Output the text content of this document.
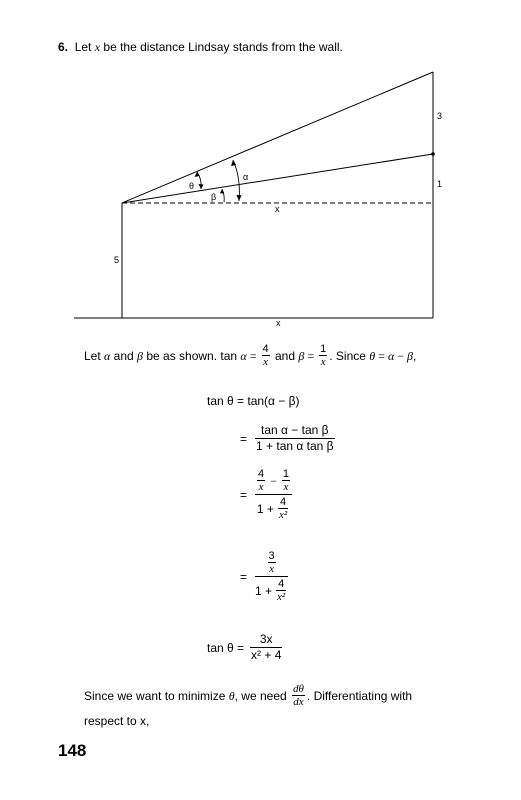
6. Let x be the distance Lindsay stands from the wall.
3
1
5
x
x
θ
α
β
Let α and β be as shown. $\tan \alpha = \frac{4}{x}$ and $\beta = \frac{1}{x}$ . Since θ = α − β ,
tan θ = tan(α − β)
= $\frac{\text{tan α − tan β}}{\text{1 + tan α tan β}}$
=
$\frac{4}{x} - \frac{1}{x}$
$1 + \frac{4}{\text{x²}}$
= $\frac{\frac{3}{x}}{1 + \frac{4}{\text{x²}}}$
$\tan \theta = \frac{3x}{\text{x² + 4}}$
Since we want to minimize θ , we need $\frac{d\theta}{dx}$ . Differentiating with
respect to x,
148
